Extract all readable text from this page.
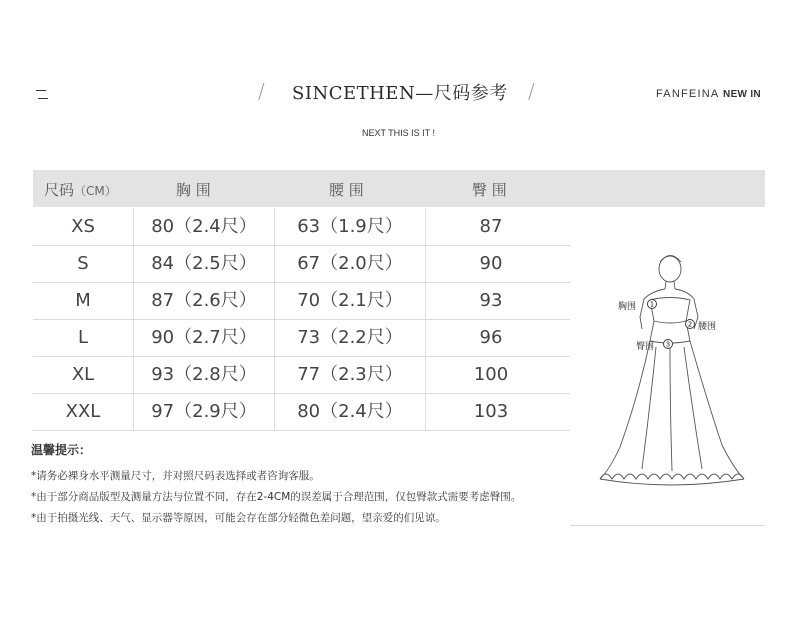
/ SINCETHEN—尺码参考 /	FANFEINA NEW IN
NEXT THIS IS IT !
尺码（CM）	胸 围	腰 围	臀 围
XS	80（2.4尺）	63（1.9尺）	87
S	84（2.5尺）	67（2.0尺）	90
M	87（2.6尺）	70（2.1尺）	93
L	90（2.7尺）	73（2.2尺）	96
XL	93（2.8尺）	77（2.3尺）	100
XXL	97（2.9尺）	80（2.4尺）	103
温馨提示：
*请务必裸身水平测量尺寸，并对照尺码表选择或者咨询客服。
*由于部分商品版型及测量方法与位置不同，存在2-4CM的误差属于合理范围，仅包臀款式需要考虑臀围。
*由于拍摄光线、天气、显示器等原因，可能会存在部分轻微色差问题，望亲爱的们见谅。
1
2
3
胸围
腰围
臀围
